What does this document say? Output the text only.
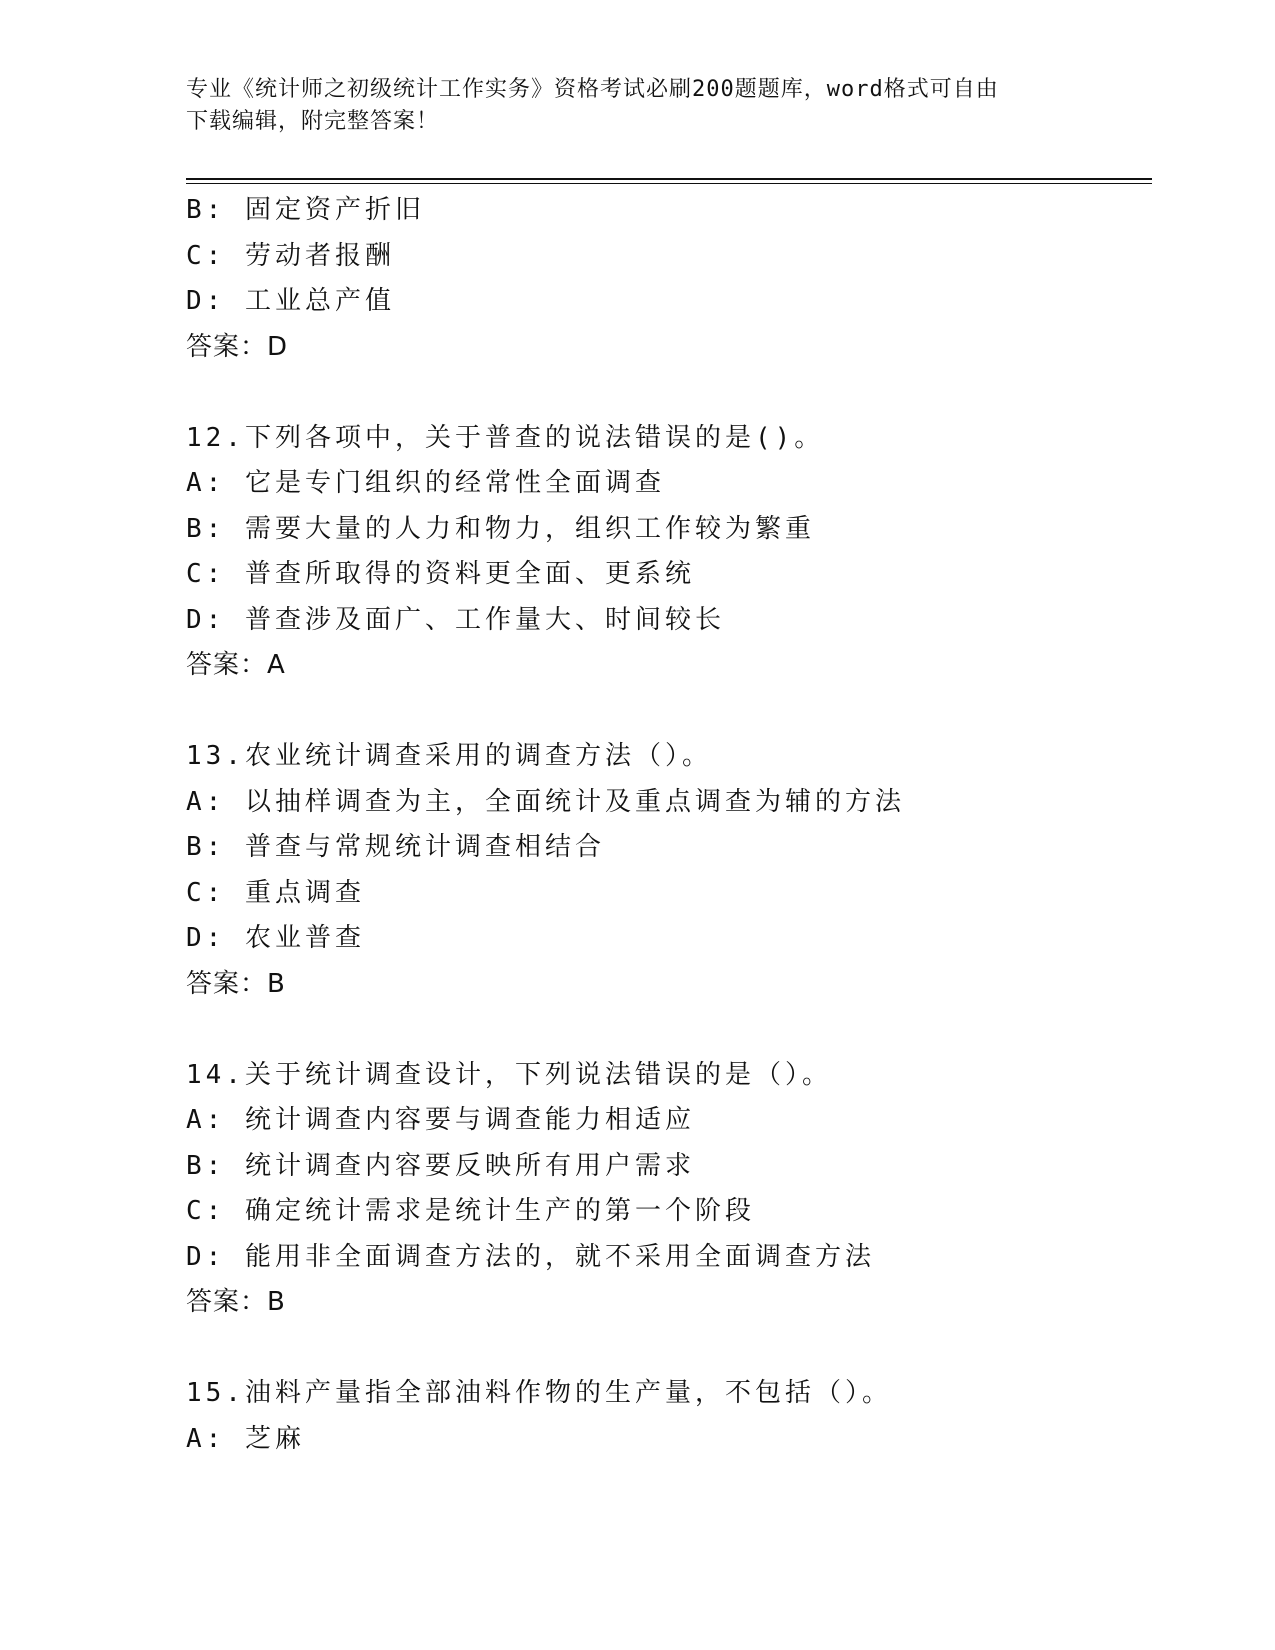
专业《统计师之初级统计工作实务》资格考试必刷200题题库，word格式可自由
下载编辑，附完整答案！
B: 固定资产折旧
C: 劳动者报酬
D: 工业总产值
答案：D
12.下列各项中，关于普查的说法错误的是()。
A: 它是专门组织的经常性全面调查
B: 需要大量的人力和物力，组织工作较为繁重
C: 普查所取得的资料更全面、更系统
D: 普查涉及面广、工作量大、时间较长
答案：A
13.农业统计调查采用的调查方法（）。
A: 以抽样调查为主，全面统计及重点调查为辅的方法
B: 普查与常规统计调查相结合
C: 重点调查
D: 农业普查
答案：B
14.关于统计调查设计，下列说法错误的是（）。
A: 统计调查内容要与调查能力相适应
B: 统计调查内容要反映所有用户需求
C: 确定统计需求是统计生产的第一个阶段
D: 能用非全面调查方法的，就不采用全面调查方法
答案：B
15.油料产量指全部油料作物的生产量，不包括（）。
A: 芝麻
